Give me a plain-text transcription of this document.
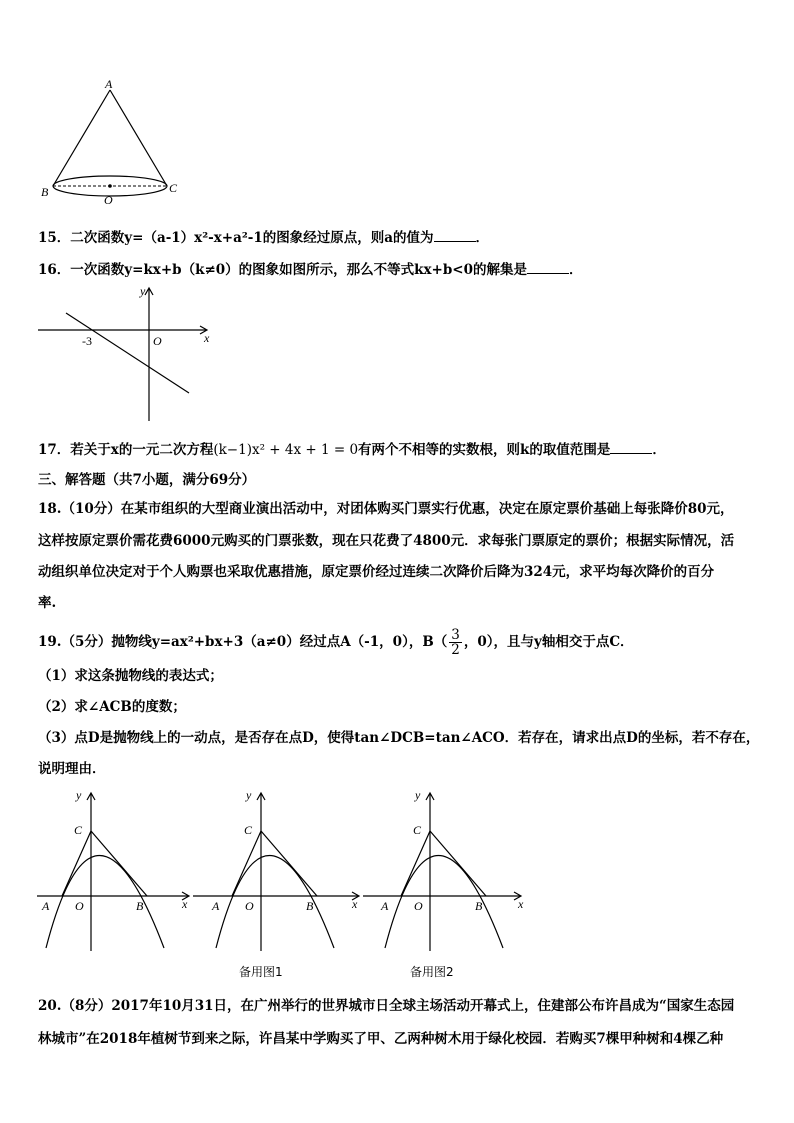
A
B	C
O
15．二次函数y=（a-1）x²-x+a²-1的图象经过原点，则a的值为	．
16．一次函数y=kx+b（k≠0）的图象如图所示，那么不等式kx+b<0的解集是	．
y
x
O
-3
17．若关于x的一元二次方程(k−1)x² + 4x + 1 = 0有两个不相等的实数根，则k的取值范围是	．
三、解答题（共7小题，满分69分）
18.（10分）在某市组织的大型商业演出活动中，对团体购买门票实行优惠，决定在原定票价基础上每张降价80元，
这样按原定票价需花费6000元购买的门票张数，现在只花费了4800元．求每张门票原定的票价；根据实际情况，活
动组织单位决定对于个人购票也采取优惠措施，原定票价经过连续二次降价后降为324元，求平均每次降价的百分
率.
19.（5分）抛物线y=ax²+bx+3（a≠0）经过点A（-1，0），$B( \frac{3}{2}$ ，0），且与y轴相交于点C．
（1）求这条抛物线的表达式；
（2）求∠ACB的度数；
（3）点D是抛物线上的一动点，是否存在点D，使得tan∠DCB=tan∠ACO．若存在，请求出点D的坐标，若不存在，
说明理由．
y
C
A O	B	x
y
C
A O	B	x
备用图1
y
C
A O	B	x
备用图2
20.（8分）2017年10月31日，在广州举行的世界城市日全球主场活动开幕式上，住建部公布许昌成为“国家生态园
林城市”在2018年植树节到来之际，许昌某中学购买了甲、乙两种树木用于绿化校园．若购买7棵甲种树和4棵乙种
